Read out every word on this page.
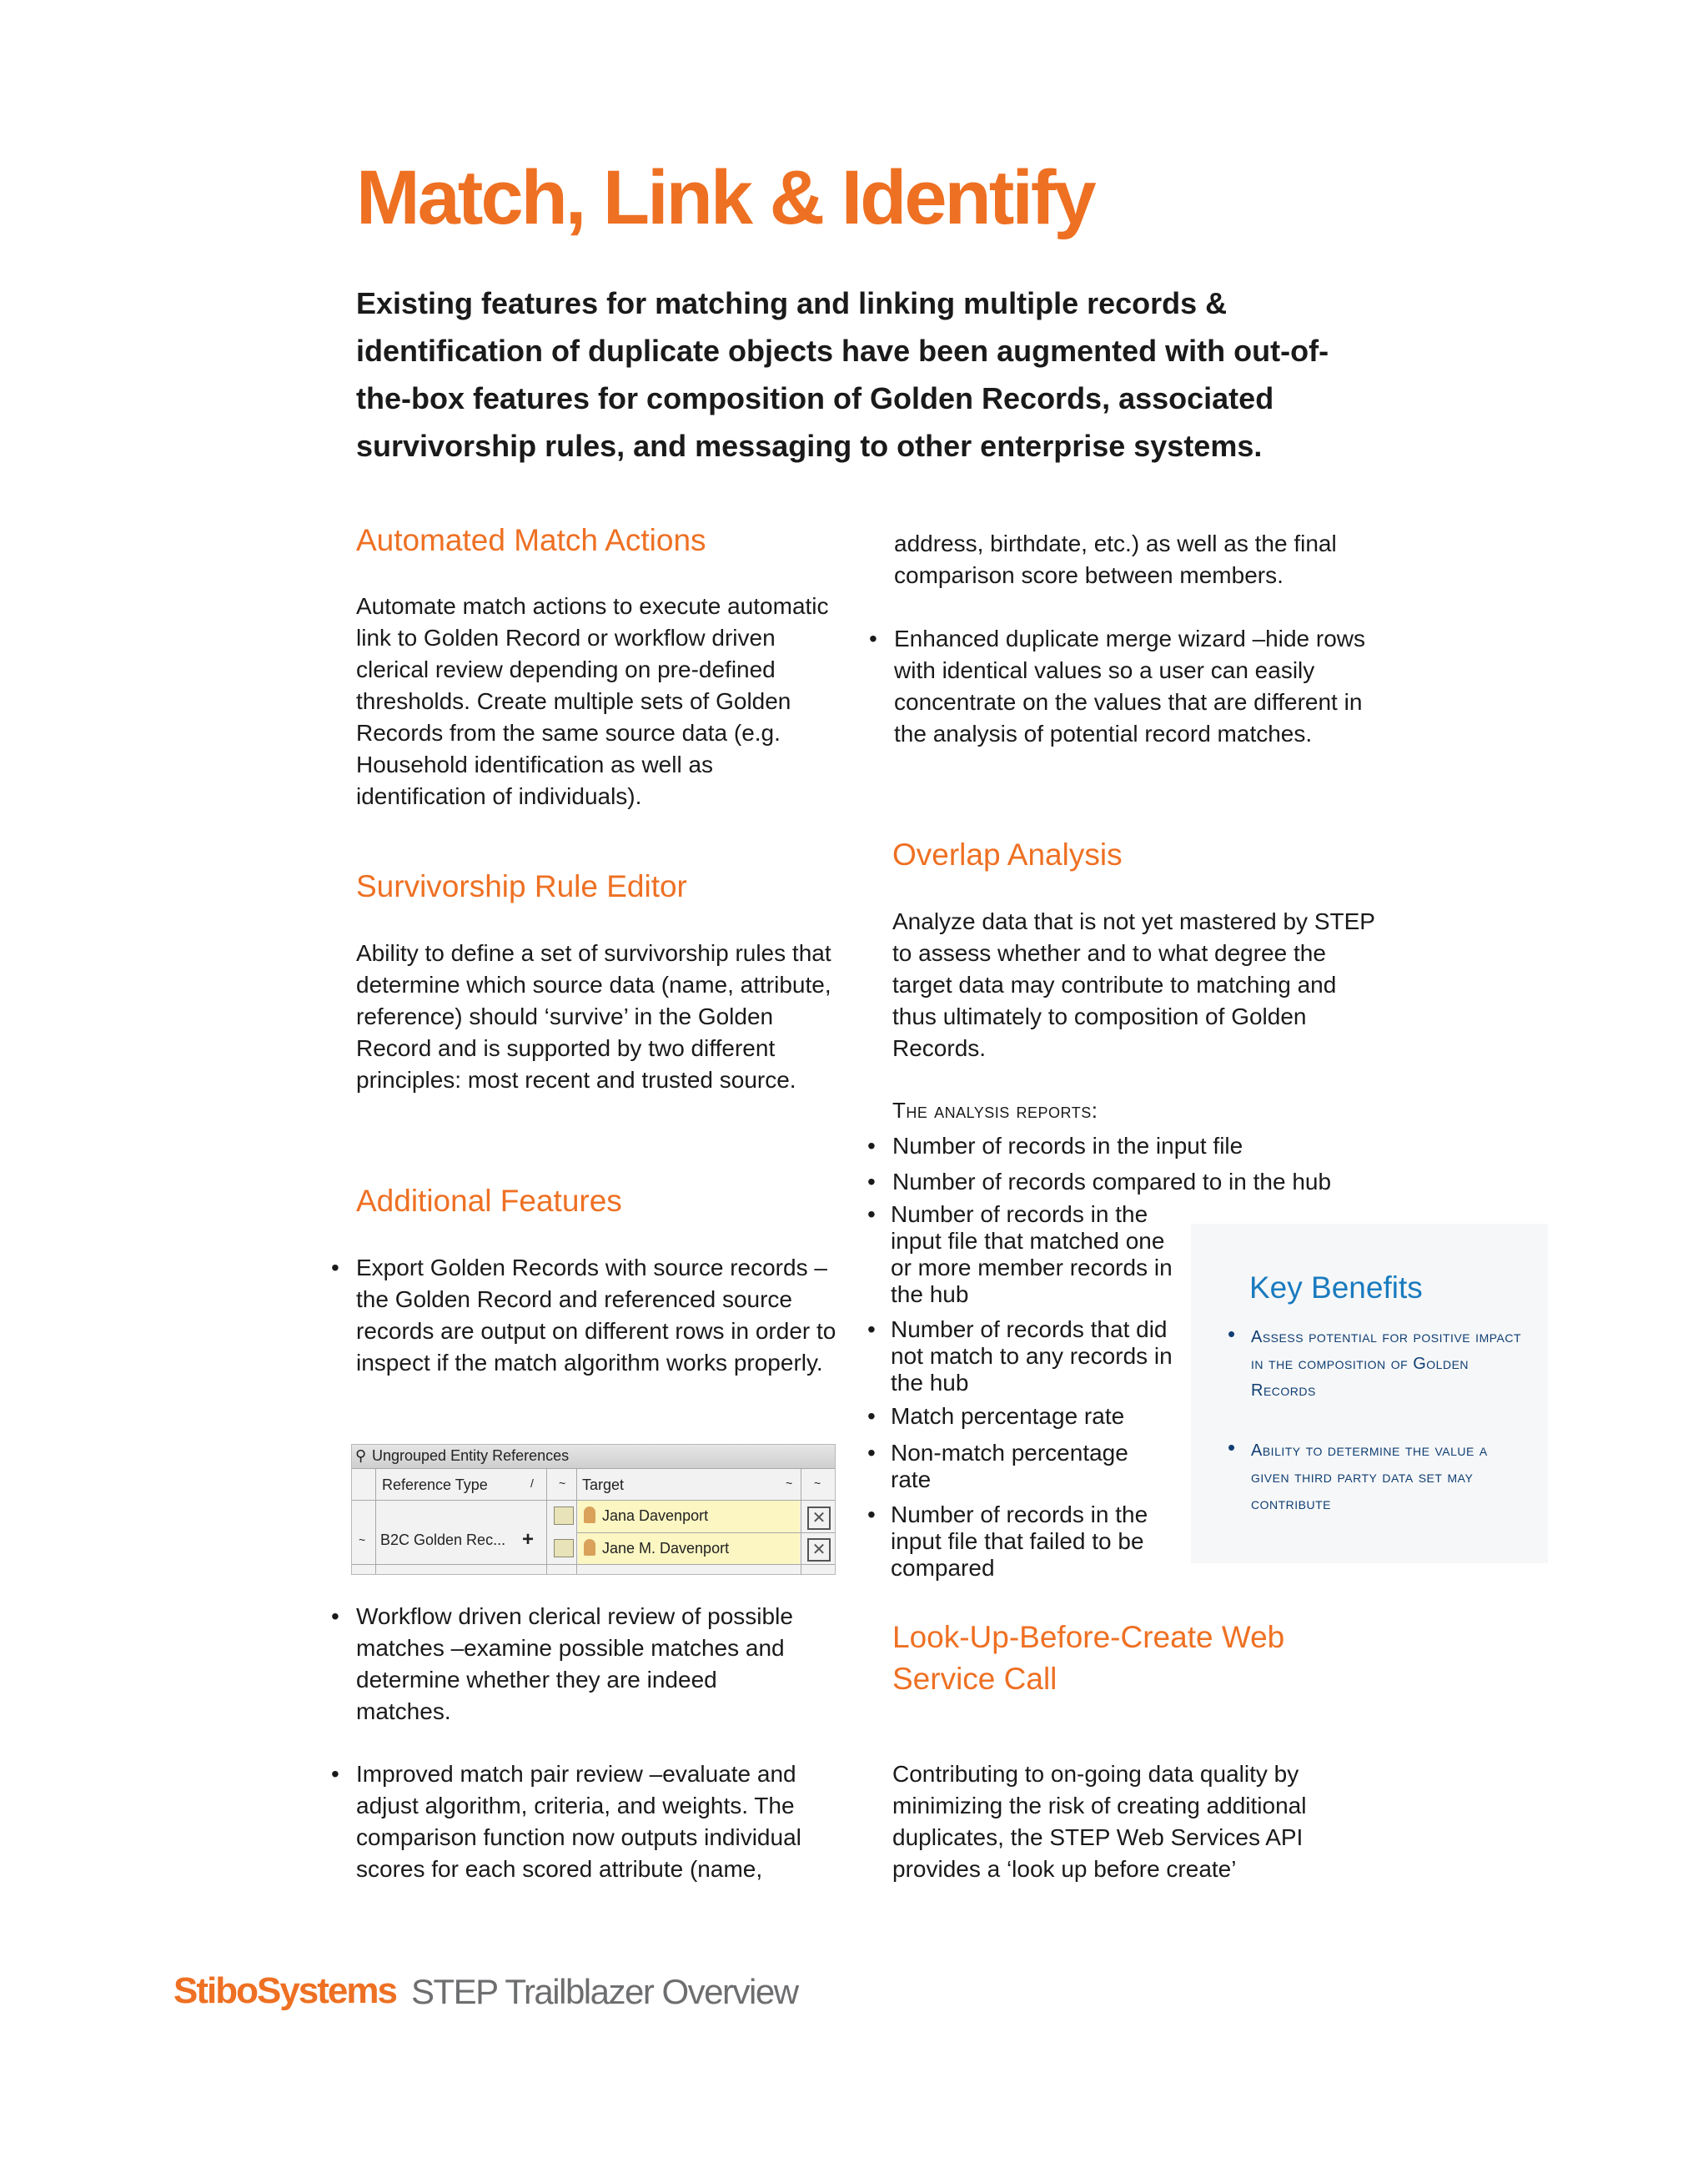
Match, Link & Identify
Existing features for matching and linking multiple records & identification of duplicate objects have been augmented with out-of-the-box features for composition of Golden Records, associated survivorship rules, and messaging to other enterprise systems.
Automated Match Actions
Automate match actions to execute automatic link to Golden Record or workflow driven clerical review depending on pre-defined thresholds. Create multiple sets of Golden Records from the same source data (e.g. Household identification as well as identification of individuals).
Survivorship Rule Editor
Ability to define a set of survivorship rules that determine which source data (name, attribute, reference) should ‘survive’ in the Golden Record and is supported by two different principles: most recent and trusted source.
Additional Features
• Export Golden Records with source records –the Golden Record and referenced source records are output on different rows in order to inspect if the match algorithm works properly.
⚲ Ungrouped Entity References
Reference Type	/ ~ Target	~ ~
~ B2C Golden Rec... +
Jana Davenport
Jane M. Davenport
✕
✕
• Workflow driven clerical review of possible matches –examine possible matches and determine whether they are indeed matches.
• Improved match pair review –evaluate and adjust algorithm, criteria, and weights. The comparison function now outputs individual scores for each scored attribute (name,
address, birthdate, etc.) as well as the final comparison score between members.
• Enhanced duplicate merge wizard –hide rows with identical values so a user can easily concentrate on the values that are different in the analysis of potential record matches.
Overlap Analysis
Analyze data that is not yet mastered by STEP to assess whether and to what degree the target data may contribute to matching and thus ultimately to composition of Golden Records.
The analysis reports:
• Number of records in the input file
• Number of records compared to in the hub
• Number of records in the input file that matched one or more member records in the hub
• Number of records that did not match to any records in the hub
• Match percentage rate
• Non-match percentage rate
• Number of records in the input file that failed to be compared
Key Benefits
• Assess potential for positive impact in the composition of Golden Records
• Ability to determine the value a given third party data set may contribute
Look-Up-Before-Create Web Service Call
Contributing to on-going data quality by minimizing the risk of creating additional duplicates, the STEP Web Services API provides a ‘look up before create’
StiboSystems STEP Trailblazer Overview
